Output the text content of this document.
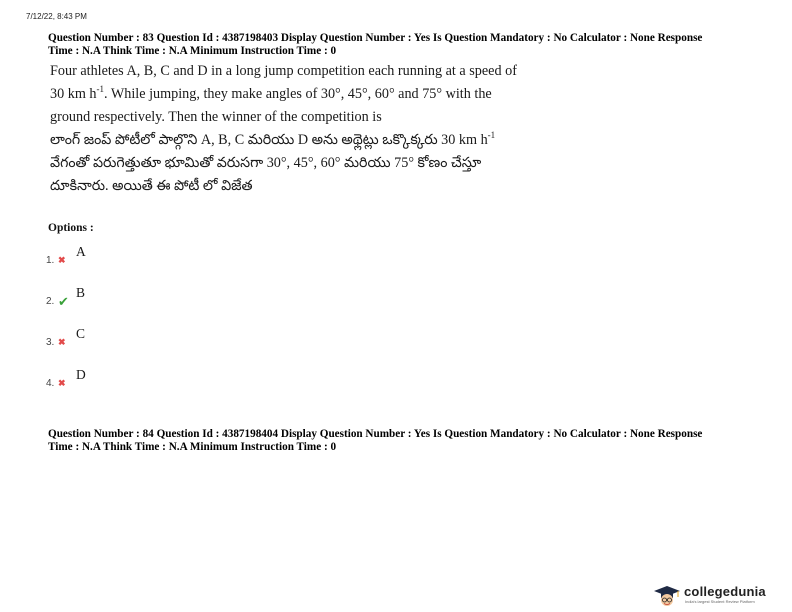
7/12/22, 8:43 PM
Question Number : 83 Question Id : 4387198403 Display Question Number : Yes Is Question Mandatory : No Calculator : None Response
Time : N.A Think Time : N.A Minimum Instruction Time : 0
Four athletes A, B, C and D in a long jump competition each running at a speed of
30 km $h^{-1}$. While jumping, they make angles of 30°, 45°, 60° and 75° with the
ground respectively. Then the winner of the competition is
లాంగ్ జంప్ పోటీలో పాల్గొని A, B, C మరియు D అను అథ్లెట్లు ఒక్కొక్కరు 30 km $h^{-1}$
వేగంతో పరుగెత్తుతూ భూమితో వరుసగా 30°, 45°, 60° మరియు 75° కోణం చేస్తూ
దూకినారు. అయితే ఈ పోటీ లో విజేత
Options :
1. ✖
A
2. ✔
B
3. ✖
C
4. ✖
D
Question Number : 84 Question Id : 4387198404 Display Question Number : Yes Is Question Mandatory : No Calculator : None Response
Time : N.A Think Time : N.A Minimum Instruction Time : 0
collegedunia
India's largest Student Review Platform
